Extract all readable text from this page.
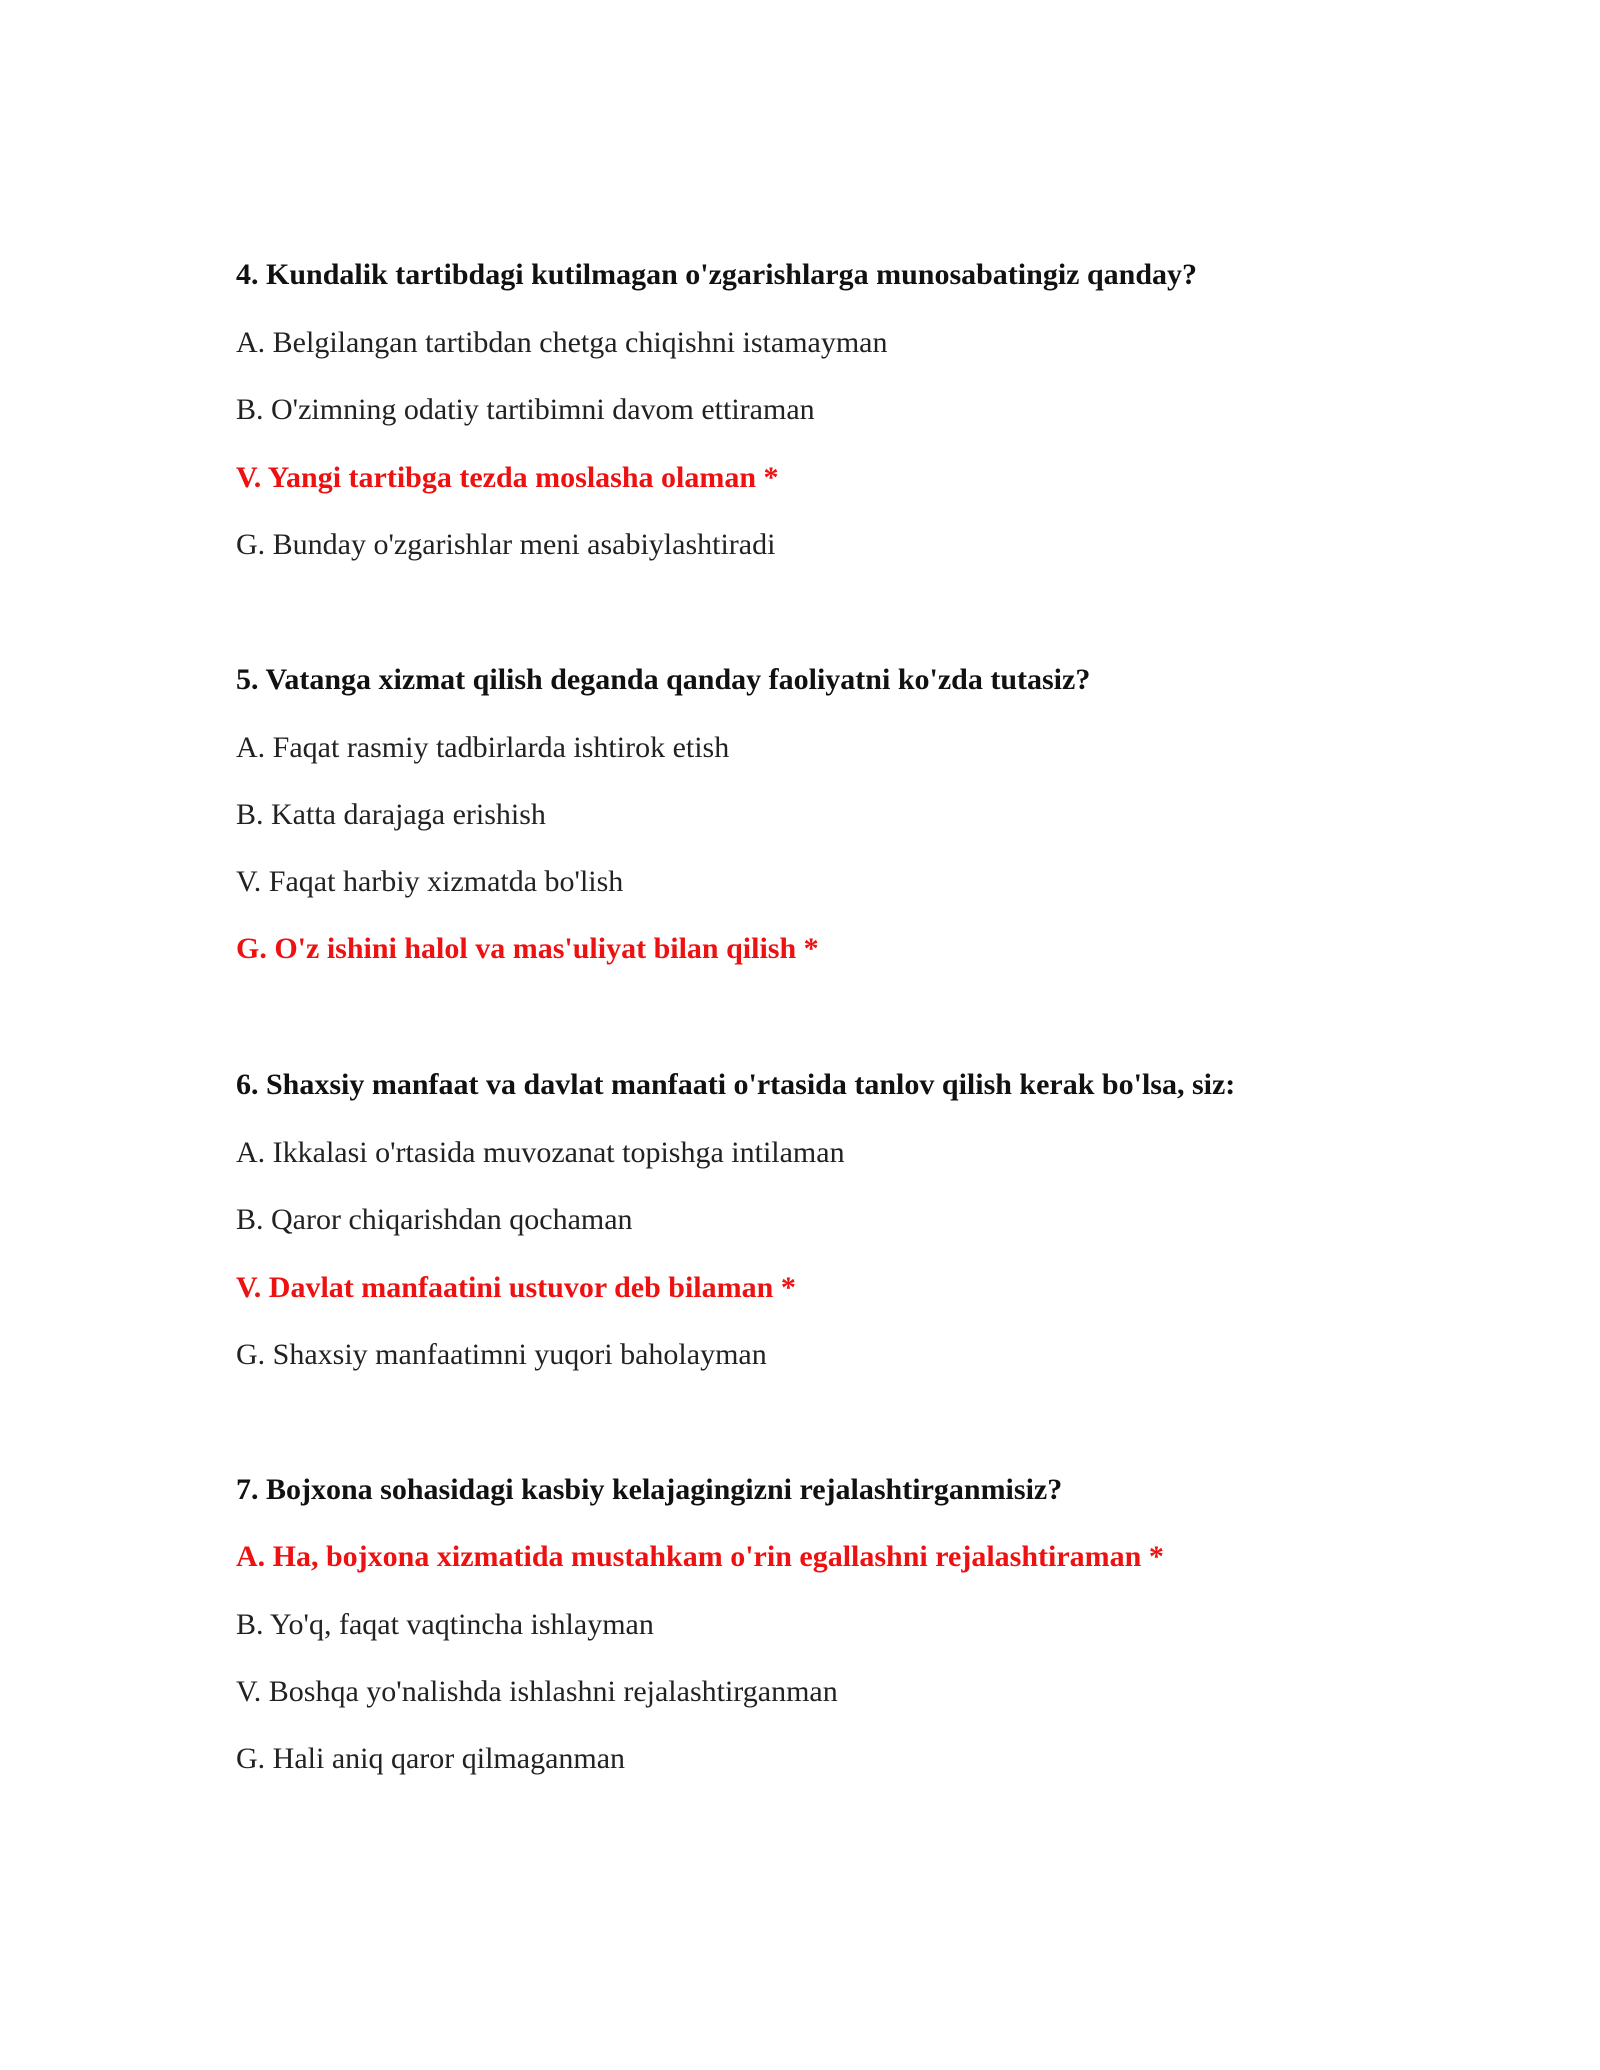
4. Kundalik tartibdagi kutilmagan o'zgarishlarga munosabatingiz qanday?
A. Belgilangan tartibdan chetga chiqishni istamayman
B. O'zimning odatiy tartibimni davom ettiraman
V. Yangi tartibga tezda moslasha olaman *
G. Bunday o'zgarishlar meni asabiylashtiradi
5. Vatanga xizmat qilish deganda qanday faoliyatni ko'zda tutasiz?
A. Faqat rasmiy tadbirlarda ishtirok etish
B. Katta darajaga erishish
V. Faqat harbiy xizmatda bo'lish
G. O'z ishini halol va mas'uliyat bilan qilish *
6. Shaxsiy manfaat va davlat manfaati o'rtasida tanlov qilish kerak bo'lsa, siz:
A. Ikkalasi o'rtasida muvozanat topishga intilaman
B. Qaror chiqarishdan qochaman
V. Davlat manfaatini ustuvor deb bilaman *
G. Shaxsiy manfaatimni yuqori baholayman
7. Bojxona sohasidagi kasbiy kelajagingizni rejalashtirganmisiz?
A. Ha, bojxona xizmatida mustahkam o'rin egallashni rejalashtiraman *
B. Yo'q, faqat vaqtincha ishlayman
V. Boshqa yo'nalishda ishlashni rejalashtirganman
G. Hali aniq qaror qilmaganman
